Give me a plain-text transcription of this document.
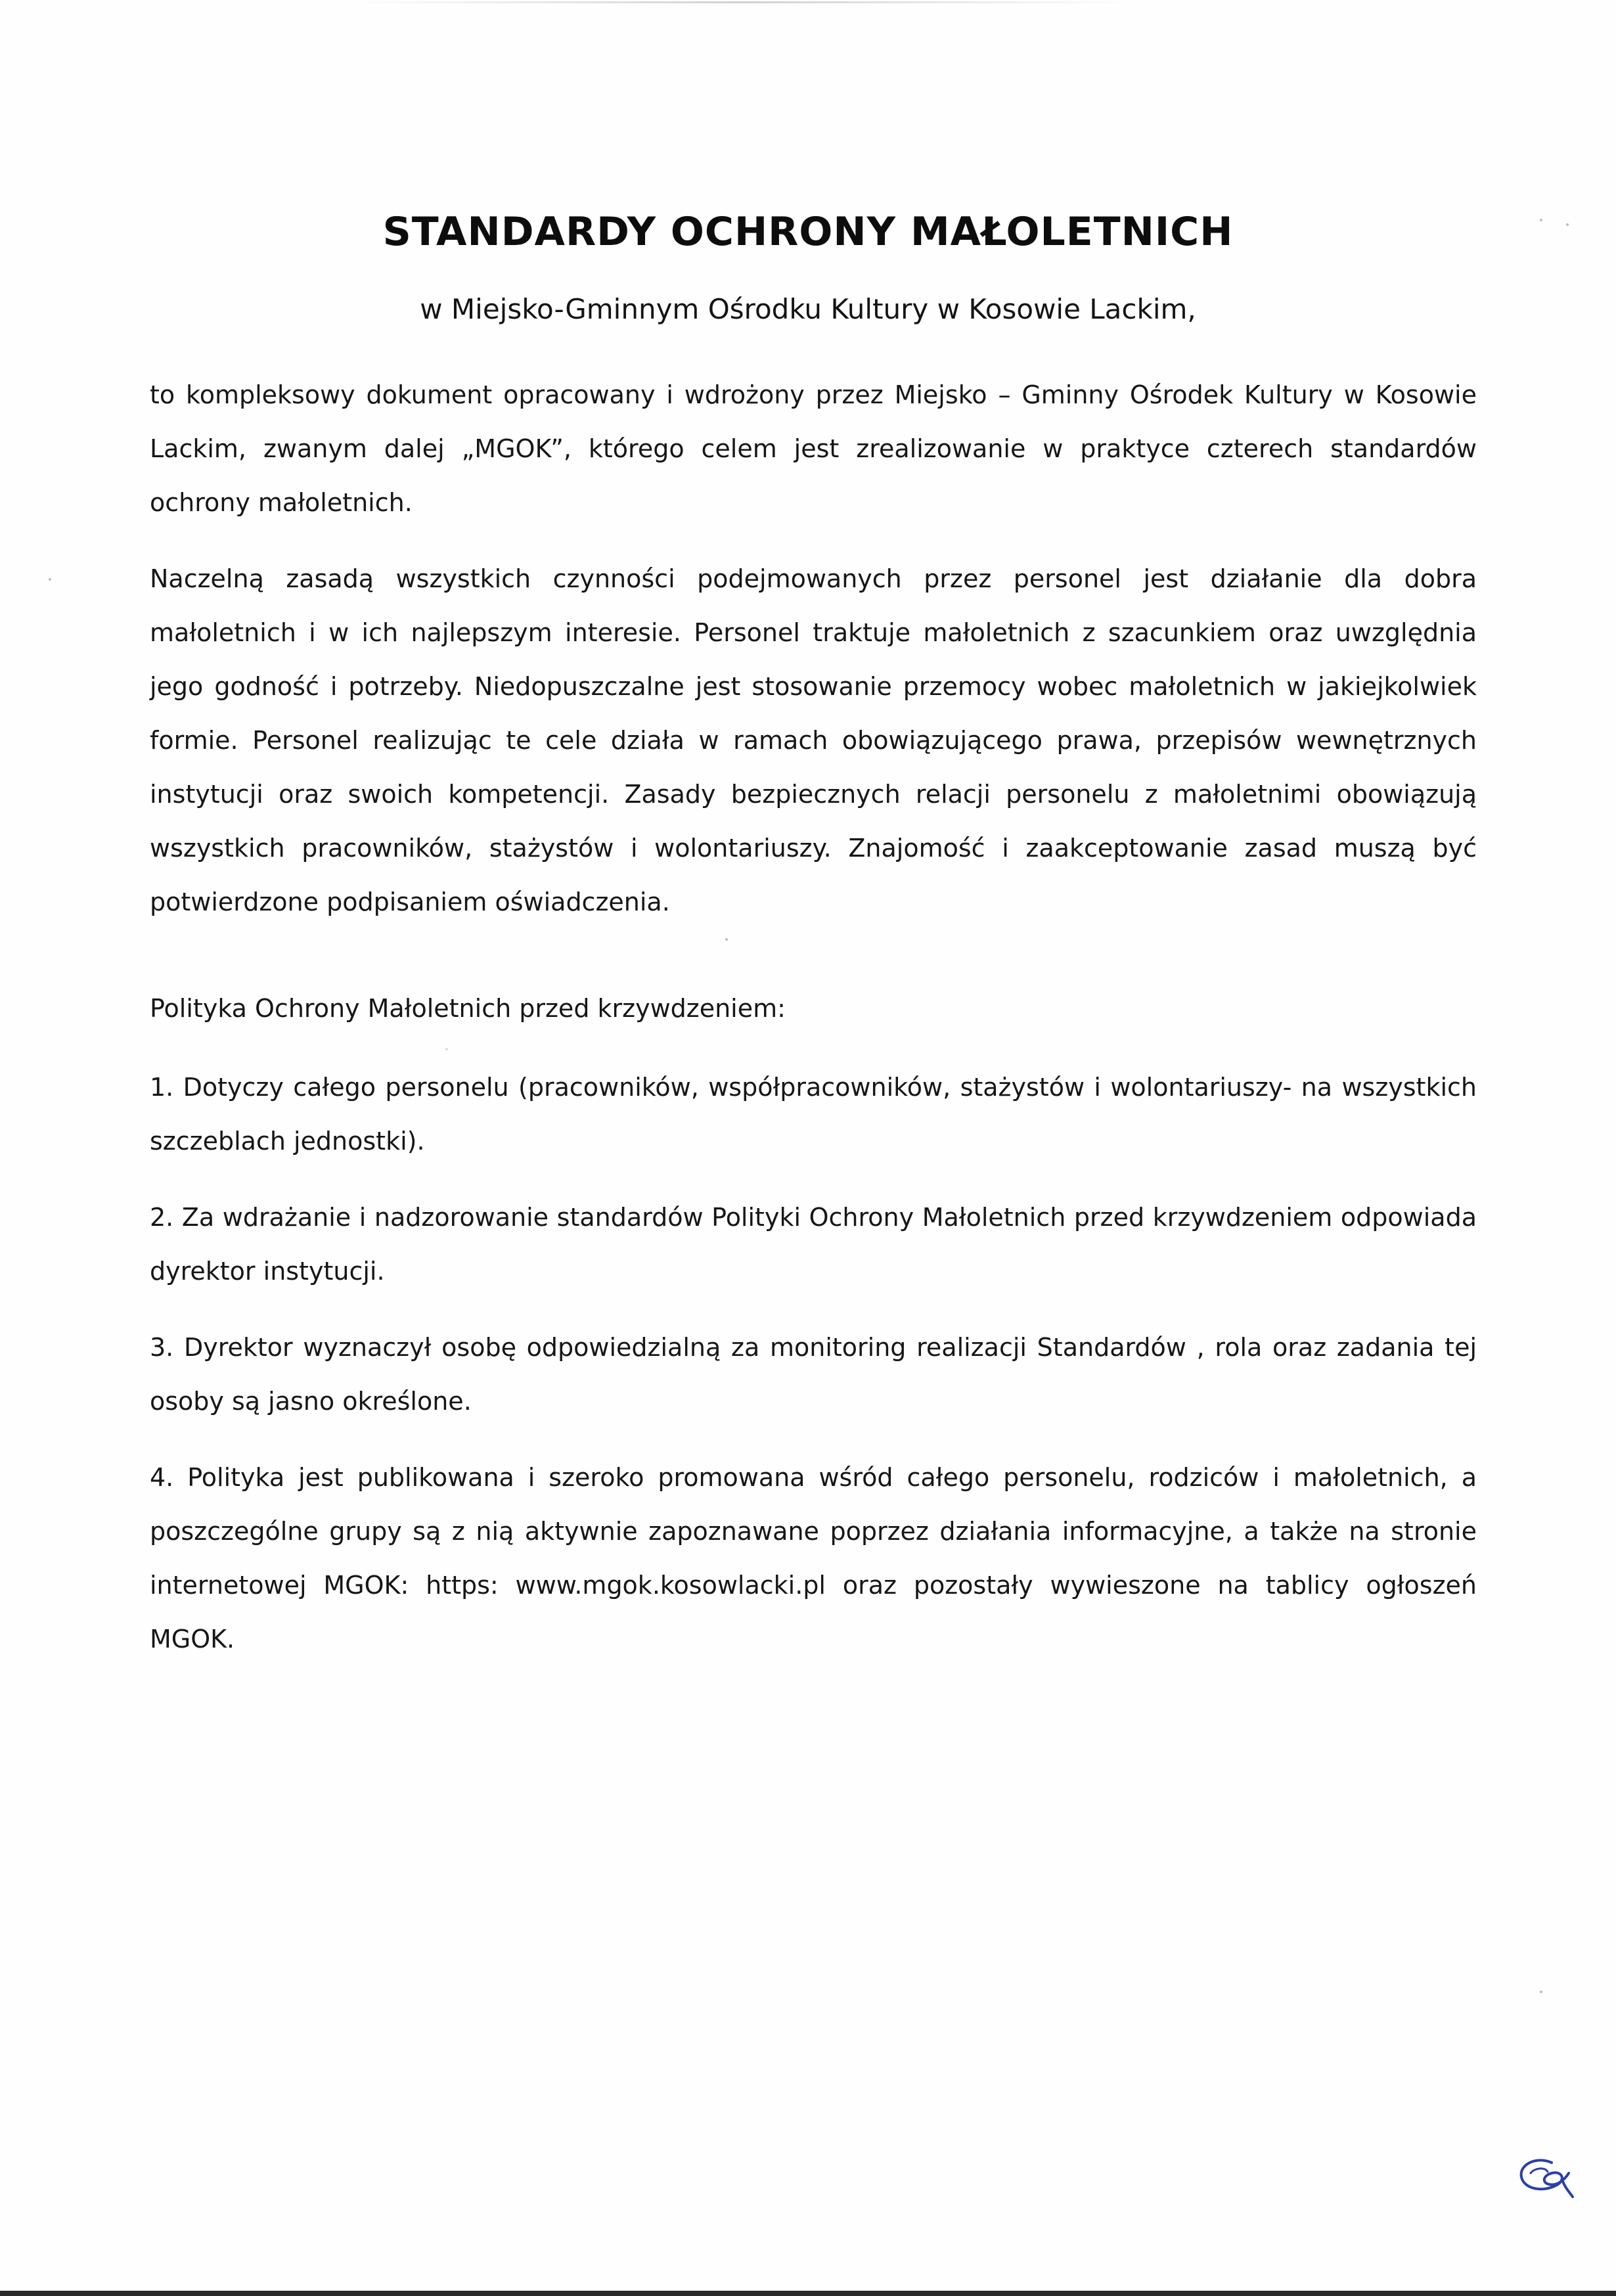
STANDARDY OCHRONY MAŁOLETNICH
w Miejsko-Gminnym Ośrodku Kultury w Kosowie Lackim,

to kompleksowy dokument opracowany i wdrożony przez Miejsko – Gminny Ośrodek Kultury w Kosowie Lackim, zwanym dalej „MGOK”, którego celem jest zrealizowanie w praktyce czterech standardów ochrony małoletnich.

Naczelną zasadą wszystkich czynności podejmowanych przez personel jest działanie dla dobra małoletnich i w ich najlepszym interesie. Personel traktuje małoletnich z szacunkiem oraz uwzględnia jego godność i potrzeby. Niedopuszczalne jest stosowanie przemocy wobec małoletnich w jakiejkolwiek formie. Personel realizując te cele działa w ramach obowiązującego prawa, przepisów wewnętrznych instytucji oraz swoich kompetencji. Zasady bezpiecznych relacji personelu z małoletnimi obowiązują wszystkich pracowników, stażystów i wolontariuszy. Znajomość i zaakceptowanie zasad muszą być potwierdzone podpisaniem oświadczenia.

Polityka Ochrony Małoletnich przed krzywdzeniem:

1. Dotyczy całego personelu (pracowników, współpracowników, stażystów i wolontariuszy- na wszystkich szczeblach jednostki).

2. Za wdrażanie i nadzorowanie standardów Polityki Ochrony Małoletnich przed krzywdzeniem odpowiada dyrektor instytucji.

3. Dyrektor wyznaczył osobę odpowiedzialną za monitoring realizacji Standardów , rola oraz zadania tej osoby są jasno określone.

4. Polityka jest publikowana i szeroko promowana wśród całego personelu, rodziców i małoletnich, a poszczególne grupy są z nią aktywnie zapoznawane poprzez działania informacyjne, a także na stronie internetowej MGOK: https: www.mgok.kosowlacki.pl oraz pozostały wywieszone na tablicy ogłoszeń MGOK.
